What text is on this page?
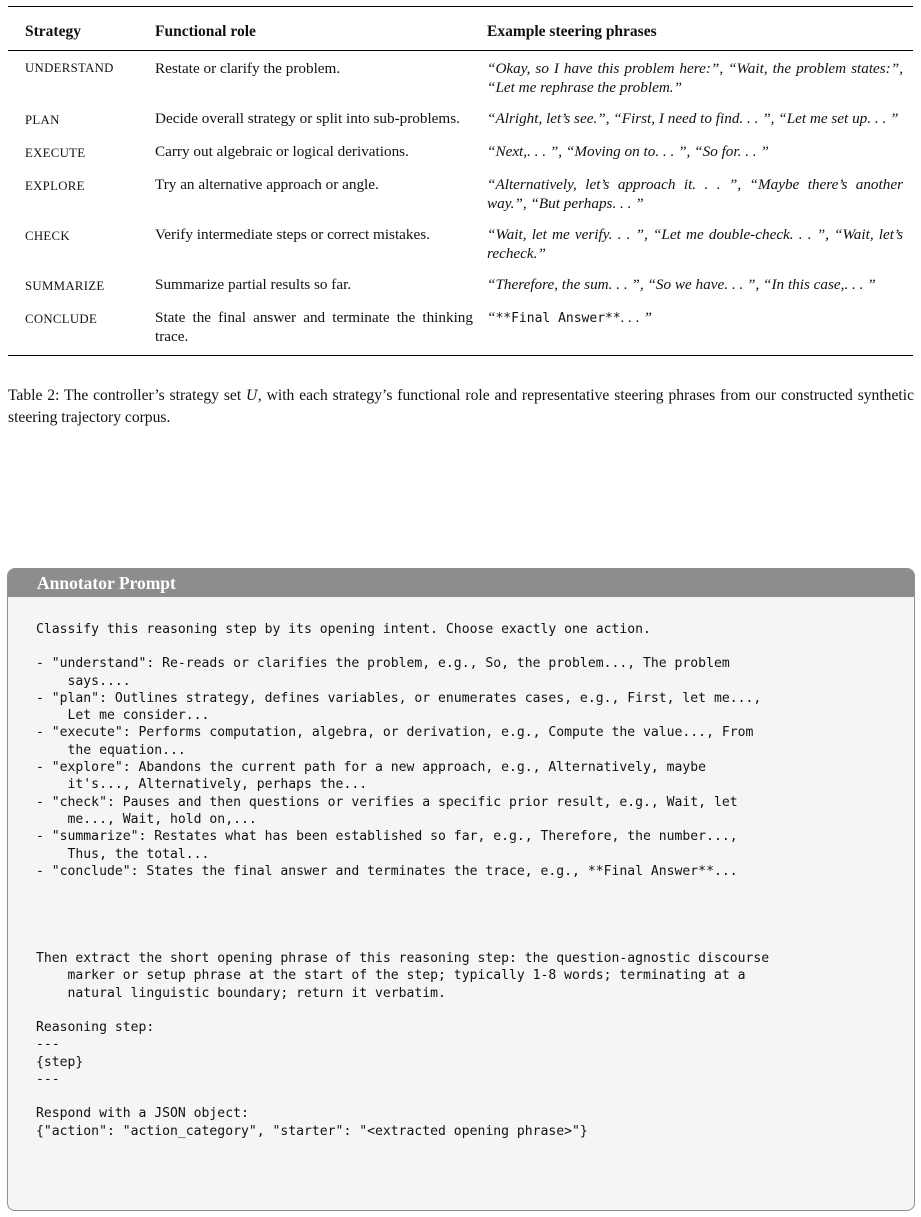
Strategy	Functional role	Example steering phrases
UNDERSTAND	Restate or clarify the problem.	“Okay, so I have this problem here:”, “Wait, the problem states:”, “Let me rephrase the problem.”
PLAN	Decide overall strategy or split into sub-problems.	“Alright, let’s see.”, “First, I need to find. . . ”, “Let me set up. . . ”
EXECUTE	Carry out algebraic or logical derivations.	“Next,. . . ”, “Moving on to. . . ”, “So for. . . ”
EXPLORE	Try an alternative approach or angle.	“Alternatively, let’s approach it. . . ”, “Maybe there’s another way.”, “But perhaps. . . ”
CHECK	Verify intermediate steps or correct mistakes.	“Wait, let me verify. . . ”, “Let me double-check. . . ”, “Wait, let’s recheck.”
SUMMARIZE	Summarize partial results so far.	“Therefore, the sum. . . ”, “So we have. . . ”, “In this case,. . . ”
CONCLUDE	State the final answer and terminate the thinking trace.	“**Final Answer**. . . ”
Table 2: The controller’s strategy set U, with each strategy’s functional role and representative steering phrases from our constructed synthetic steering trajectory corpus.
Annotator Prompt
Classify this reasoning step by its opening intent. Choose exactly one action.
- "understand": Re-reads or clarifies the problem, e.g., So, the problem..., The problem
says....
- "plan": Outlines strategy, defines variables, or enumerates cases, e.g., First, let me...,
Let me consider...
- "execute": Performs computation, algebra, or derivation, e.g., Compute the value..., From
the equation...
- "explore": Abandons the current path for a new approach, e.g., Alternatively, maybe
it's..., Alternatively, perhaps the...
- "check": Pauses and then questions or verifies a specific prior result, e.g., Wait, let
me..., Wait, hold on,...
- "summarize": Restates what has been established so far, e.g., Therefore, the number...,
Thus, the total...
- "conclude": States the final answer and terminates the trace, e.g., **Final Answer**...
Then extract the short opening phrase of this reasoning step: the question-agnostic discourse
marker or setup phrase at the start of the step; typically 1-8 words; terminating at a
natural linguistic boundary; return it verbatim.
Reasoning step:
---
{step}
---
Respond with a JSON object:
{"action": "action_category", "starter": "<extracted opening phrase>"}
